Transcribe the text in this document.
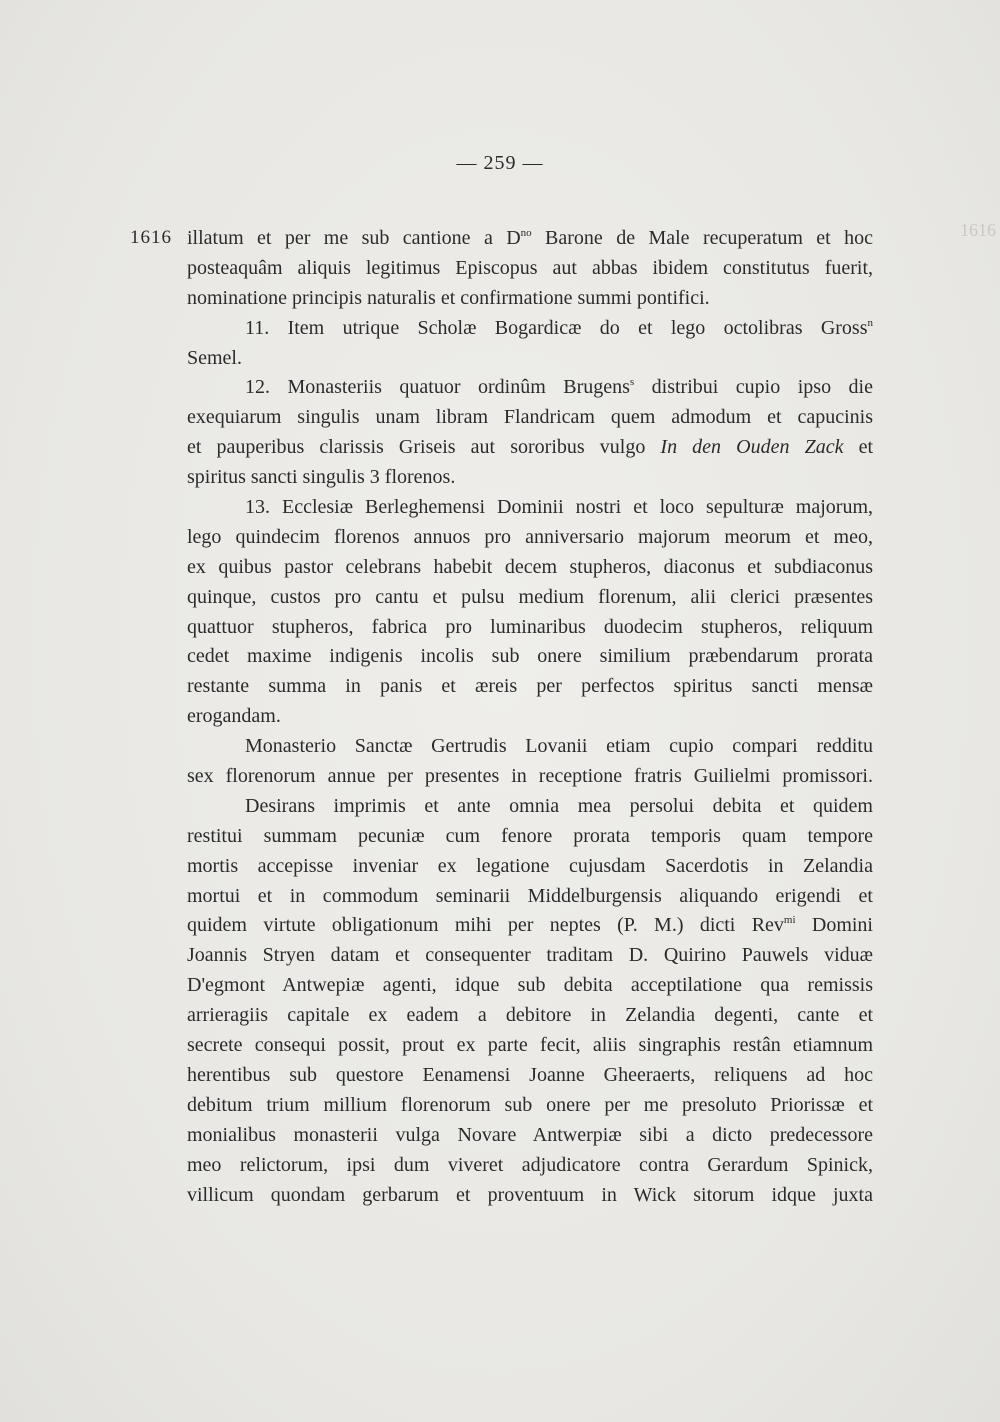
— 259 —
1616	1616
illatum et per me sub cantione a $D^{no}$ Barone de Male recuperatum et hoc
posteaquâm aliquis legitimus Episcopus aut abbas ibidem constitutus fuerit,
nominatione principis naturalis et confirmatione summi pontifici.
11. Item utrique Scholæ Bogardicæ do et lego octolibras Gross$^n$
Semel.
12. Monasteriis quatuor ordinûm Brugens$^s$ distribui cupio ipso die
exequiarum singulis unam libram Flandricam quem admodum et capucinis
et pauperibus clarissis Griseis aut sororibus vulgo In den Ouden Zack et
spiritus sancti singulis 3 florenos.
13. Ecclesiæ Berleghemensi Dominii nostri et loco sepulturæ majorum,
lego quindecim florenos annuos pro anniversario majorum meorum et meo,
ex quibus pastor celebrans habebit decem stupheros, diaconus et subdiaconus
quinque, custos pro cantu et pulsu medium florenum, alii clerici præsentes
quattuor stupheros, fabrica pro luminaribus duodecim stupheros, reliquum
cedet maxime indigenis incolis sub onere similium præbendarum prorata
restante summa in panis et æreis per perfectos spiritus sancti mensæ
erogandam.
Monasterio Sanctæ Gertrudis Lovanii etiam cupio compari redditu
sex florenorum annue per presentes in receptione fratris Guilielmi promissori.
Desirans imprimis et ante omnia mea persolui debita et quidem
restitui summam pecuniæ cum fenore prorata temporis quam tempore
mortis accepisse inveniar ex legatione cujusdam Sacerdotis in Zelandia
mortui et in commodum seminarii Middelburgensis aliquando erigendi et
quidem virtute obligationum mihi per neptes (P. M.) dicti Rev$^{mi}$ Domini
Joannis Stryen datam et consequenter traditam D. Quirino Pauwels viduæ
D'egmont Antwepiæ agenti, idque sub debita acceptilatione qua remissis
arrieragiis capitale ex eadem a debitore in Zelandia degenti, cante et
secrete consequi possit, prout ex parte fecit, aliis singraphis restân etiamnum
herentibus sub questore Eenamensi Joanne Gheeraerts, reliquens ad hoc
debitum trium millium florenorum sub onere per me presoluto Priorissæ et
monialibus monasterii vulga Novare Antwerpiæ sibi a dicto predecessore
meo relictorum, ipsi dum viveret adjudicatore contra Gerardum Spinick,
villicum quondam gerbarum et proventuum in Wick sitorum idque juxta
